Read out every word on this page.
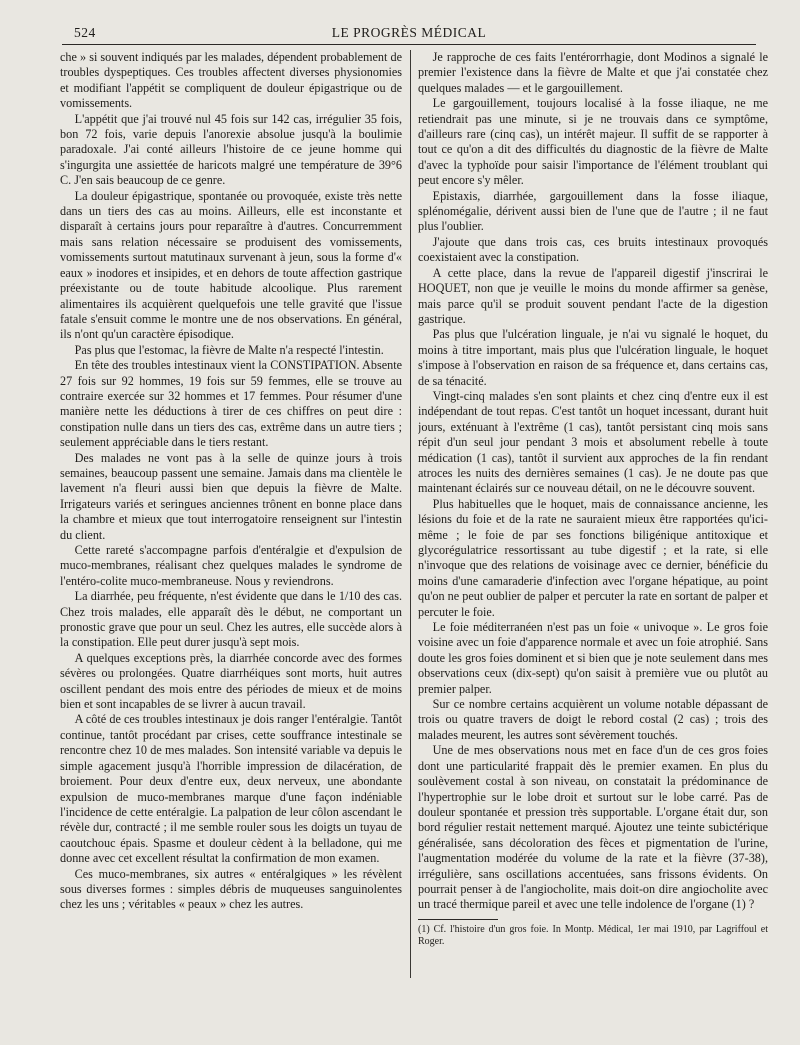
524	LE PROGRÈS MÉDICAL

che » si souvent indiqués par les malades, dépendent probablement de troubles dyspeptiques. Ces troubles affectent diverses physionomies et modifiant l'appétit se compliquent de douleur épigastrique ou de vomissements.

L'appétit que j'ai trouvé nul 45 fois sur 142 cas, irrégulier 35 fois, bon 72 fois, varie depuis l'anorexie absolue jusqu'à la boulimie paradoxale. J'ai conté ailleurs l'histoire de ce jeune homme qui s'ingurgita une assiettée de haricots malgré une température de 39°6 C. J'en sais beaucoup de ce genre.

La douleur épigastrique, spontanée ou provoquée, existe très nette dans un tiers des cas au moins. Ailleurs, elle est inconstante et disparaît à certains jours pour reparaître à d'autres. Concurremment mais sans relation nécessaire se produisent des vomissements, vomissements surtout matutinaux survenant à jeun, sous la forme d'« eaux » inodores et insipides, et en dehors de toute affection gastrique préexistante ou de toute habitude alcoolique. Plus rarement alimentaires ils acquièrent quelquefois une telle gravité que l'issue fatale s'ensuit comme le montre une de nos observations. En général, ils n'ont qu'un caractère épisodique.

Pas plus que l'estomac, la fièvre de Malte n'a respecté l'intestin.

En tête des troubles intestinaux vient la CONSTIPATION. Absente 27 fois sur 92 hommes, 19 fois sur 59 femmes, elle se trouve au contraire exercée sur 32 hommes et 17 femmes. Pour résumer d'une manière nette les déductions à tirer de ces chiffres on peut dire : constipation nulle dans un tiers des cas, extrême dans un autre tiers ; seulement appréciable dans le tiers restant.

Des malades ne vont pas à la selle de quinze jours à trois semaines, beaucoup passent une semaine. Jamais dans ma clientèle le lavement n'a fleuri aussi bien que depuis la fièvre de Malte. Irrigateurs variés et seringues anciennes trônent en bonne place dans la chambre et mieux que tout interrogatoire renseignent sur l'intestin du client.

Cette rareté s'accompagne parfois d'entéralgie et d'expulsion de muco-membranes, réalisant chez quelques malades le syndrome de l'entéro-colite muco-membraneuse. Nous y reviendrons.

La diarrhée, peu fréquente, n'est évidente que dans le 1/10 des cas. Chez trois malades, elle apparaît dès le début, ne comportant un pronostic grave que pour un seul. Chez les autres, elle succède alors à la constipation. Elle peut durer jusqu'à sept mois.

A quelques exceptions près, la diarrhée concorde avec des formes sévères ou prolongées. Quatre diarrhéiques sont morts, huit autres oscillent pendant des mois entre des périodes de mieux et de moins bien et sont incapables de se livrer à aucun travail.

A côté de ces troubles intestinaux je dois ranger l'entéralgie. Tantôt continue, tantôt procédant par crises, cette souffrance intestinale se rencontre chez 10 de mes malades. Son intensité variable va depuis le simple agacement jusqu'à l'horrible impression de dilacération, de broiement. Pour deux d'entre eux, deux nerveux, une abondante expulsion de muco-membranes marque d'une façon indéniable l'incidence de cette entéralgie. La palpation de leur côlon ascendant le révèle dur, contracté ; il me semble rouler sous les doigts un tuyau de caoutchouc épais. Spasme et douleur cèdent à la belladone, qui me donne avec cet excellent résultat la confirmation de mon examen.

Ces muco-membranes, six autres « entéralgiques » les révèlent sous diverses formes : simples débris de muqueuses sanguinolentes chez les uns ; véritables « peaux » chez les autres.

Je rapproche de ces faits l'entérorrhagie, dont Modinos a signalé le premier l'existence dans la fièvre de Malte et que j'ai constatée chez quelques malades — et le gargouillement.

Le gargouillement, toujours localisé à la fosse iliaque, ne me retiendrait pas une minute, si je ne trouvais dans ce symptôme, d'ailleurs rare (cinq cas), un intérêt majeur. Il suffit de se rapporter à tout ce qu'on a dit des difficultés du diagnostic de la fièvre de Malte d'avec la typhoïde pour saisir l'importance de l'élément troublant qui peut encore s'y mêler.

Epistaxis, diarrhée, gargouillement dans la fosse iliaque, splénomégalie, dérivent aussi bien de l'une que de l'autre ; il ne faut plus l'oublier.

J'ajoute que dans trois cas, ces bruits intestinaux provoqués coexistaient avec la constipation.

A cette place, dans la revue de l'appareil digestif j'inscrirai le HOQUET, non que je veuille le moins du monde affirmer sa genèse, mais parce qu'il se produit souvent pendant l'acte de la digestion gastrique.

Pas plus que l'ulcération linguale, je n'ai vu signalé le hoquet, du moins à titre important, mais plus que l'ulcération linguale, le hoquet s'impose à l'observation en raison de sa fréquence et, dans certains cas, de sa ténacité.

Vingt-cinq malades s'en sont plaints et chez cinq d'entre eux il est indépendant de tout repas. C'est tantôt un hoquet incessant, durant huit jours, exténuant à l'extrême (1 cas), tantôt persistant cinq mois sans répit d'un seul jour pendant 3 mois et absolument rebelle à toute médication (1 cas), tantôt il survient aux approches de la fin rendant atroces les nuits des dernières semaines (1 cas). Je ne doute pas que maintenant éclairés sur ce nouveau détail, on ne le découvre souvent.

Plus habituelles que le hoquet, mais de connaissance ancienne, les lésions du foie et de la rate ne sauraient mieux être rapportées qu'ici-même ; le foie de par ses fonctions biligénique antitoxique et glycorégulatrice ressortissant au tube digestif ; et la rate, si elle n'invoque que des relations de voisinage avec ce dernier, bénéficie du moins d'une camaraderie d'infection avec l'organe hépatique, au point qu'on ne peut oublier de palper et percuter la rate en sortant de palper et percuter le foie.

Le foie méditerranéen n'est pas un foie « univoque ». Le gros foie voisine avec un foie d'apparence normale et avec un foie atrophié. Sans doute les gros foies dominent et si bien que je note seulement dans mes observations ceux (dix-sept) qu'on saisit à première vue ou plutôt au premier palper.

Sur ce nombre certains acquièrent un volume notable dépassant de trois ou quatre travers de doigt le rebord costal (2 cas) ; trois des malades meurent, les autres sont sévèrement touchés.

Une de mes observations nous met en face d'un de ces gros foies dont une particularité frappait dès le premier examen. En plus du soulèvement costal à son niveau, on constatait la prédominance de l'hypertrophie sur le lobe droit et surtout sur le lobe carré. Pas de douleur spontanée et pression très supportable. L'organe était dur, son bord régulier restait nettement marqué. Ajoutez une teinte subictérique généralisée, sans décoloration des fèces et pigmentation de l'urine, l'augmentation modérée du volume de la rate et la fièvre (37-38), irrégulière, sans oscillations accentuées, sans frissons évidents. On pourrait penser à de l'angiocholite, mais doit-on dire angiocholite avec un tracé thermique pareil et avec une telle indolence de l'organe (1) ?

(1) Cf. l'histoire d'un gros foie. In Montp. Médical, 1er mai 1910, par Lagriffoul et Roger.
